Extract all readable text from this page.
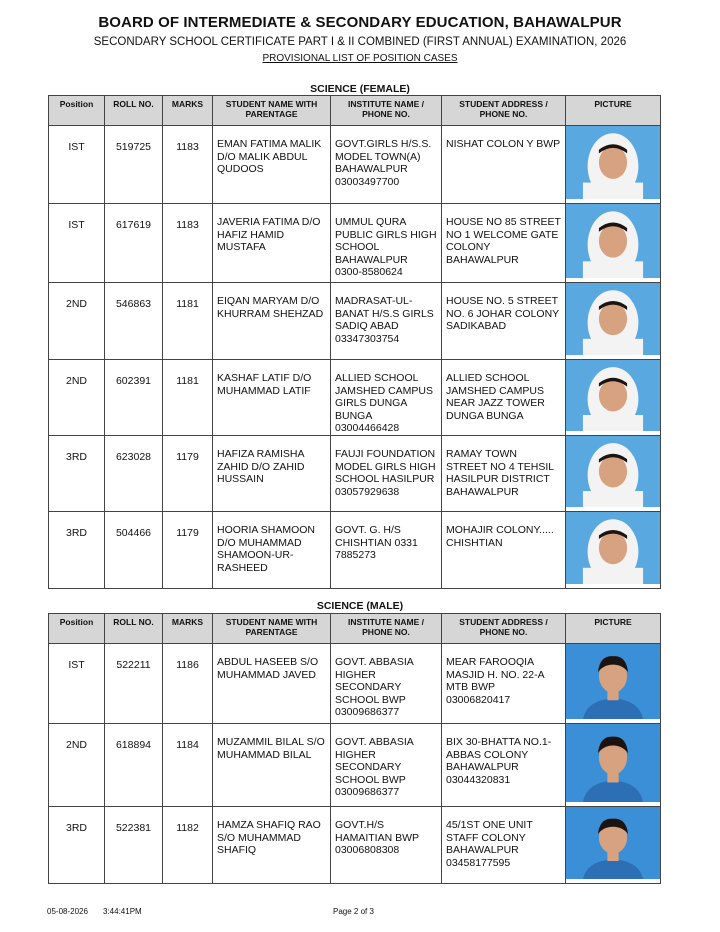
BOARD OF INTERMEDIATE & SECONDARY EDUCATION, BAHAWALPUR
SECONDARY SCHOOL CERTIFICATE PART I & II COMBINED (FIRST ANNUAL) EXAMINATION, 2026
PROVISIONAL LIST OF POSITION CASES
SCIENCE (FEMALE)
Position	ROLL NO.	MARKS	STUDENT NAME WITH PARENTAGE	INSTITUTE NAME / PHONE NO.	STUDENT ADDRESS / PHONE NO.	PICTURE

IST	519725	1183	EMAN FATIMA MALIK D/O MALIK ABDUL QUDOOS	GOVT.GIRLS H/S.S. MODEL TOWN(A) BAHAWALPUR 03003497700	NISHAT COLON Y BWP

IST	617619	1183	JAVERIA FATIMA D/O HAFIZ HAMID MUSTAFA	UMMUL QURA PUBLIC GIRLS HIGH SCHOOL BAHAWALPUR 0300-8580624	HOUSE NO 85 STREET NO 1 WELCOME GATE COLONY BAHAWALPUR

2ND	546863	1181	EIQAN MARYAM D/O KHURRAM SHEHZAD	MADRASAT-UL-BANAT H/S.S GIRLS SADIQ ABAD 03347303754	HOUSE NO. 5 STREET NO. 6 JOHAR COLONY SADIKABAD

2ND	602391	1181	KASHAF LATIF D/O MUHAMMAD LATIF	ALLIED SCHOOL JAMSHED CAMPUS GIRLS DUNGA BUNGA 03004466428	ALLIED SCHOOL JAMSHED CAMPUS NEAR JAZZ TOWER DUNGA BUNGA

3RD	623028	1179	HAFIZA RAMISHA ZAHID D/O ZAHID HUSSAIN	FAUJI FOUNDATION MODEL GIRLS HIGH SCHOOL HASILPUR 03057929638	RAMAY TOWN STREET NO 4 TEHSIL HASILPUR DISTRICT BAHAWALPUR

3RD	504466	1179	HOORIA SHAMOON D/O MUHAMMAD SHAMOON-UR-RASHEED	GOVT. G. H/S CHISHTIAN 0331 7885273	MOHAJIR COLONY..... CHISHTIAN

SCIENCE (MALE)
Position	ROLL NO.	MARKS	STUDENT NAME WITH PARENTAGE	INSTITUTE NAME / PHONE NO.	STUDENT ADDRESS / PHONE NO.	PICTURE

IST	522211	1186	ABDUL HASEEB S/O MUHAMMAD JAVED	GOVT. ABBASIA HIGHER SECONDARY SCHOOL BWP 03009686377	MEAR FAROOQIA MASJID H. NO. 22-A MTB BWP 03006820417

2ND	618894	1184	MUZAMMIL BILAL S/O MUHAMMAD BILAL	GOVT. ABBASIA HIGHER SECONDARY SCHOOL BWP 03009686377	BIX 30-BHATTA NO.1-ABBAS COLONY BAHAWALPUR 03044320831

3RD	522381	1182	HAMZA SHAFIQ RAO S/O MUHAMMAD SHAFIQ	GOVT.H/S HAMAITIAN BWP 03006808308	45/1ST ONE UNIT STAFF COLONY BAHAWALPUR 03458177595

05-08-2026 3:44:41PM	Page 2 of 3
